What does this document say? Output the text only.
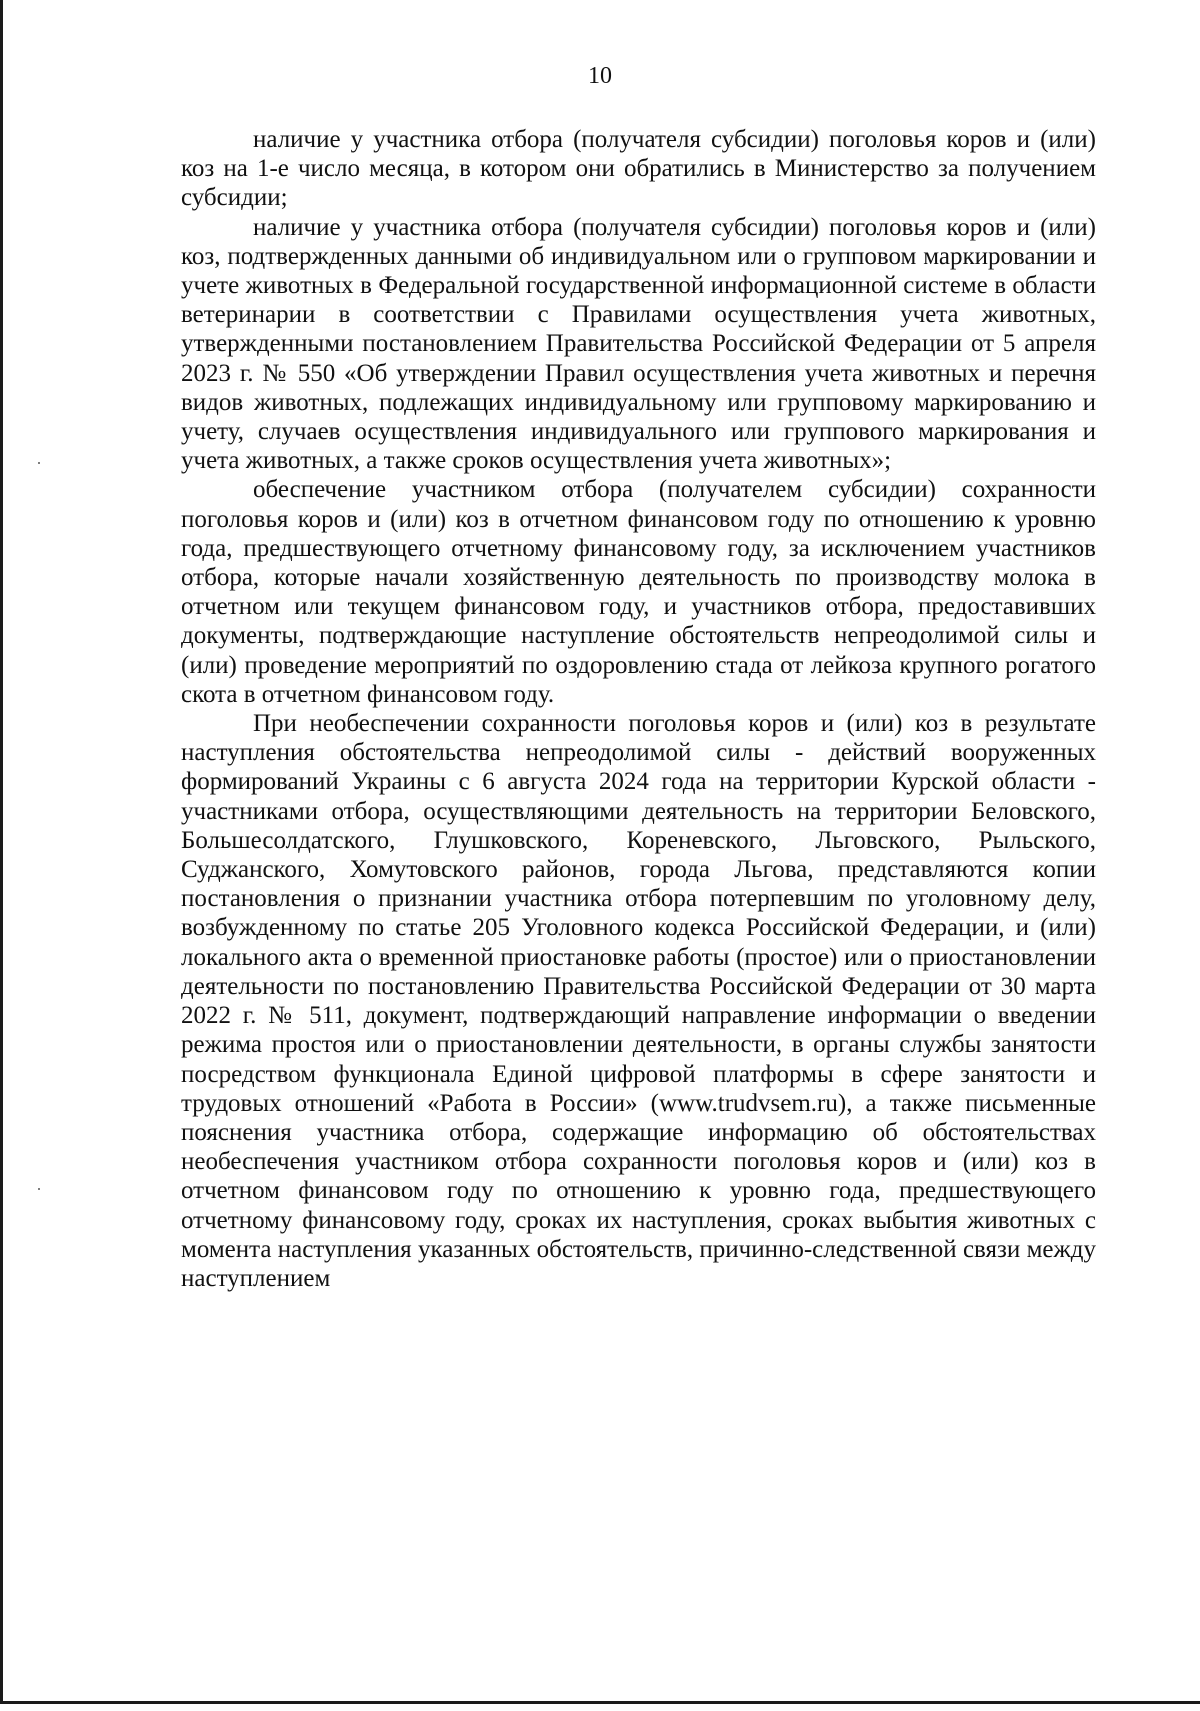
10

наличие у участника отбора (получателя субсидии) поголовья коров и (или) коз на 1-е число месяца, в котором они обратились в Министерство за получением субсидии;

наличие у участника отбора (получателя субсидии) поголовья коров и (или) коз, подтвержденных данными об индивидуальном или о групповом маркировании и учете животных в Федеральной государственной информационной системе в области ветеринарии в соответствии с Правилами осуществления учета животных, утвержденными постановлением Правительства Российской Федерации от 5 апреля 2023 г. № 550 «Об утверждении Правил осуществления учета животных и перечня видов животных, подлежащих индивидуальному или групповому маркированию и учету, случаев осуществления индивидуального или группового маркирования и учета животных, а также сроков осуществления учета животных»;

обеспечение участником отбора (получателем субсидии) сохранности поголовья коров и (или) коз в отчетном финансовом году по отношению к уровню года, предшествующего отчетному финансовому году, за исключением участников отбора, которые начали хозяйственную деятельность по производству молока в отчетном или текущем финансовом году, и участников отбора, предоставивших документы, подтверждающие наступление обстоятельств непреодолимой силы и (или) проведение мероприятий по оздоровлению стада от лейкоза крупного рогатого скота в отчетном финансовом году.

При необеспечении сохранности поголовья коров и (или) коз в результате наступления обстоятельства непреодолимой силы - действий вооруженных формирований Украины с 6 августа 2024 года на территории Курской области - участниками отбора, осуществляющими деятельность на территории Беловского, Большесолдатского, Глушковского, Кореневского, Льговского, Рыльского, Суджанского, Хомутовского районов, города Льгова, представляются копии постановления о признании участника отбора потерпевшим по уголовному делу, возбужденному по статье 205 Уголовного кодекса Российской Федерации, и (или) локального акта о временной приостановке работы (простое) или о приостановлении деятельности по постановлению Правительства Российской Федерации от 30 марта 2022 г. № 511, документ, подтверждающий направление информации о введении режима простоя или о приостановлении деятельности, в органы службы занятости посредством функционала Единой цифровой платформы в сфере занятости и трудовых отношений «Работа в России» (www.trudvsem.ru), а также письменные пояснения участника отбора, содержащие информацию об обстоятельствах необеспечения участником отбора сохранности поголовья коров и (или) коз в отчетном финансовом году по отношению к уровню года, предшествующего отчетному финансовому году, сроках их наступления, сроках выбытия животных с момента наступления указанных обстоятельств, причинно-следственной связи между наступлением
